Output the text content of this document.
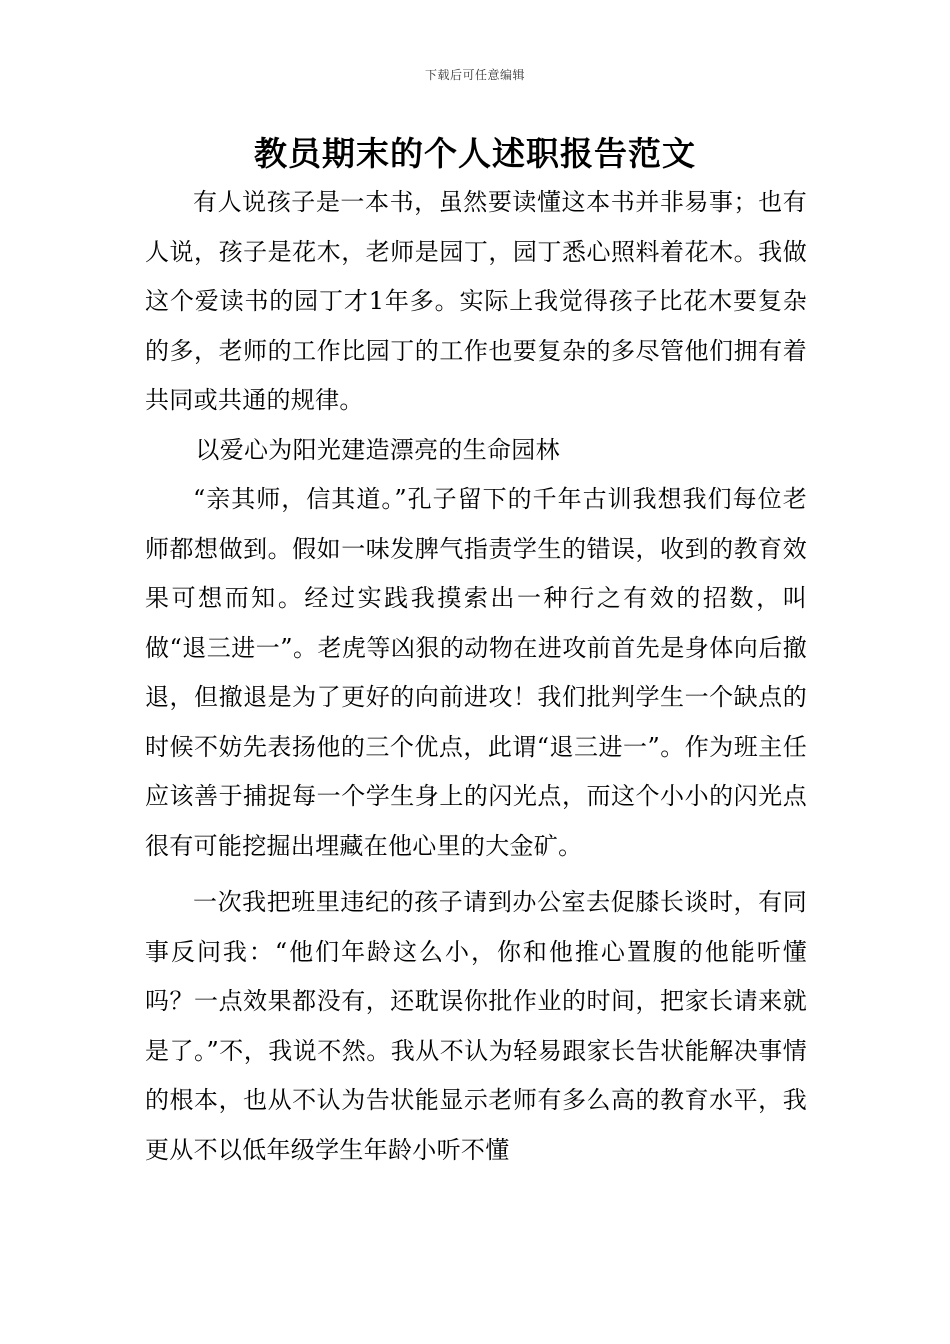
下载后可任意编辑
教员期末的个人述职报告范文

有人说孩子是一本书，虽然要读懂这本书并非易事；也有人说，孩子是花木，老师是园丁，园丁悉心照料着花木。我做这个爱读书的园丁才1年多。实际上我觉得孩子比花木要复杂的多，老师的工作比园丁的工作也要复杂的多尽管他们拥有着共同或共通的规律。

以爱心为阳光建造漂亮的生命园林

“亲其师，信其道。”孔子留下的千年古训我想我们每位老师都想做到。假如一味发脾气指责学生的错误，收到的教育效果可想而知。经过实践我摸索出一种行之有效的招数，叫做“退三进一”。老虎等凶狠的动物在进攻前首先是身体向后撤退，但撤退是为了更好的向前进攻！我们批判学生一个缺点的时候不妨先表扬他的三个优点，此谓“退三进一”。作为班主任应该善于捕捉每一个学生身上的闪光点，而这个小小的闪光点很有可能挖掘出埋藏在他心里的大金矿。

一次我把班里违纪的孩子请到办公室去促膝长谈时，有同事反问我：“他们年龄这么小，你和他推心置腹的他能听懂吗？一点效果都没有，还耽误你批作业的时间，把家长请来就是了。”不，我说不然。我从不认为轻易跟家长告状能解决事情的根本，也从不认为告状能显示老师有多么高的教育水平，我更从不以低年级学生年龄小听不懂
